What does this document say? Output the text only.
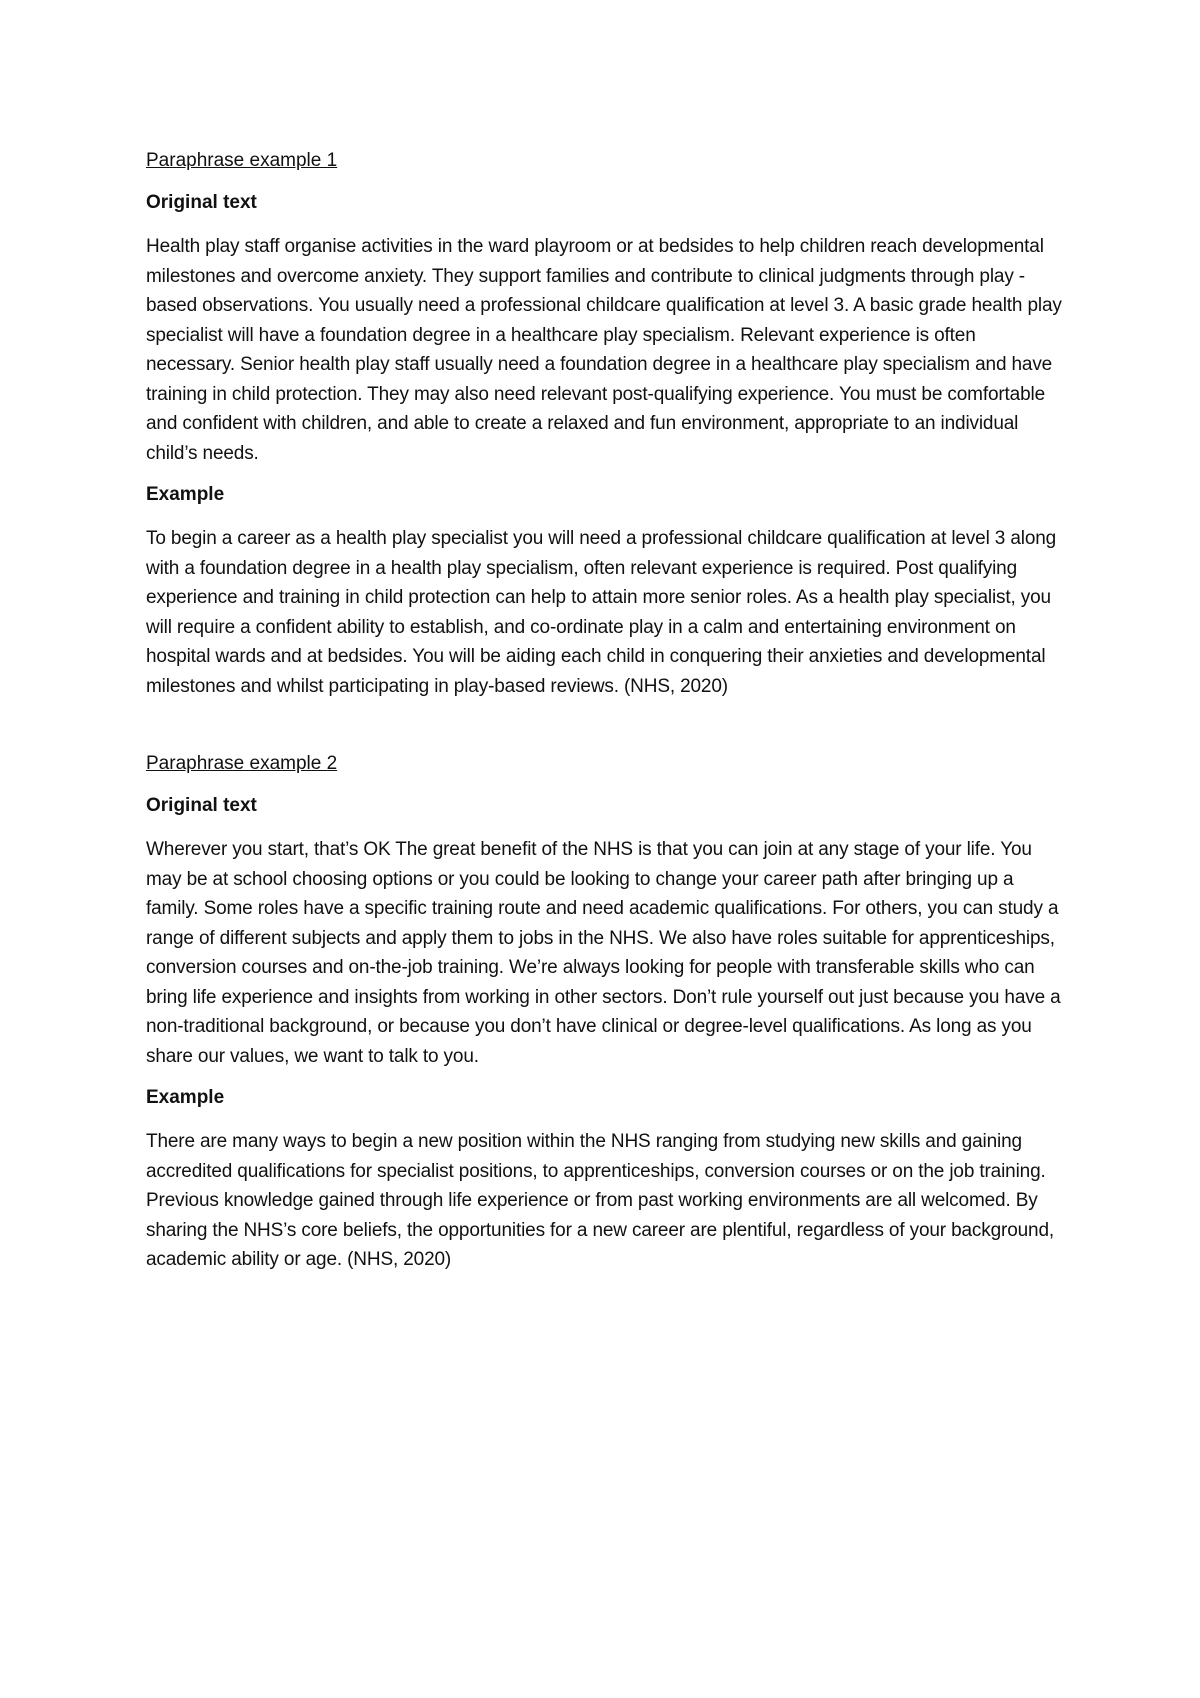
Paraphrase example 1
Original text

Health play staff organise activities in the ward playroom or at bedsides to help children reach developmental milestones and overcome anxiety. They support families and contribute to clinical judgments through play -based observations. You usually need a professional childcare qualification at level 3. A basic grade health play specialist will have a foundation degree in a healthcare play specialism. Relevant experience is often necessary. Senior health play staff usually need a foundation degree in a healthcare play specialism and have training in child protection. They may also need relevant post-qualifying experience. You must be comfortable and confident with children, and able to create a relaxed and fun environment, appropriate to an individual child’s needs.

Example

To begin a career as a health play specialist you will need a professional childcare qualification at level 3 along with a foundation degree in a health play specialism, often relevant experience is required. Post qualifying experience and training in child protection can help to attain more senior roles. As a health play specialist, you will require a confident ability to establish, and co-ordinate play in a calm and entertaining environment on hospital wards and at bedsides. You will be aiding each child in conquering their anxieties and developmental milestones and whilst participating in play-based reviews. (NHS, 2020)

Paraphrase example 2
Original text

Wherever you start, that’s OK The great benefit of the NHS is that you can join at any stage of your life. You may be at school choosing options or you could be looking to change your career path after bringing up a family. Some roles have a specific training route and need academic qualifications. For others, you can study a range of different subjects and apply them to jobs in the NHS. We also have roles suitable for apprenticeships, conversion courses and on-the-job training. We’re always looking for people with transferable skills who can bring life experience and insights from working in other sectors. Don’t rule yourself out just because you have a non-traditional background, or because you don’t have clinical or degree-level qualifications. As long as you share our values, we want to talk to you.

Example

There are many ways to begin a new position within the NHS ranging from studying new skills and gaining accredited qualifications for specialist positions, to apprenticeships, conversion courses or on the job training. Previous knowledge gained through life experience or from past working environments are all welcomed. By sharing the NHS’s core beliefs, the opportunities for a new career are plentiful, regardless of your background, academic ability or age. (NHS, 2020)
